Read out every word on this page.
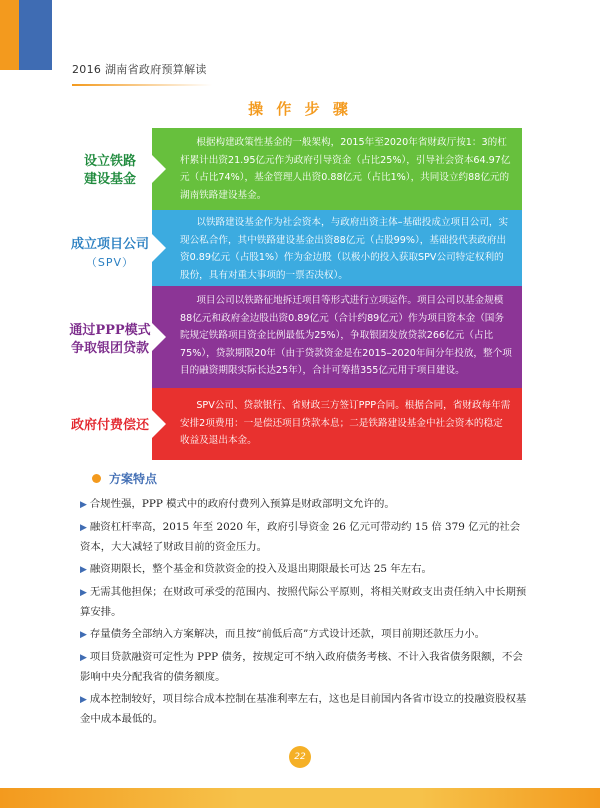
2016 湖南省政府预算解读
操 作 步 骤
设立铁路
建设基金
根据构建政策性基金的一般架构，2015年至2020年省财政厅按1：3的杠杆累计出资21.95亿元作为政府引导资金（占比25%），引导社会资本64.97亿元（占比74%），基金管理人出资0.88亿元（占比1%），共同设立约88亿元的湖南铁路建设基金。
成立项目公司
（SPV）
以铁路建设基金作为社会资本，与政府出资主体–基础投成立项目公司，实现公私合作，其中铁路建设基金出资88亿元（占股99%），基础投代表政府出资0.89亿元（占股1%）作为金边股（以极小的投入获取SPV公司特定权利的股份，具有对重大事项的一票否决权）。
通过PPP模式
争取银团贷款
项目公司以铁路征地拆迁项目等形式进行立项运作。项目公司以基金规模88亿元和政府金边股出资0.89亿元（合计约89亿元）作为项目资本金（国务院规定铁路项目资金比例最低为25%），争取银团发放贷款266亿元（占比75%），贷款期限20年（由于贷款资金是在2015–2020年间分年投放，整个项目的融资期限实际长达25年），合计可筹措355亿元用于项目建设。
政府付费偿还
SPV公司、贷款银行、省财政三方签订PPP合同。根据合同，省财政每年需安排2项费用：一是偿还项目贷款本息；二是铁路建设基金中社会资本的稳定收益及退出本金。
方案特点
▶ 合规性强，PPP 模式中的政府付费列入预算是财政部明文允许的。
▶ 融资杠杆率高，2015 年至 2020 年，政府引导资金 26 亿元可带动约 15 倍 379 亿元的社会资本，大大减轻了财政目前的资金压力。
▶ 融资期限长，整个基金和贷款资金的投入及退出期限最长可达 25 年左右。
▶ 无需其他担保；在财政可承受的范围内、按照代际公平原则，将相关财政支出责任纳入中长期预算安排。
▶ 存量债务全部纳入方案解决，而且按“前低后高”方式设计还款，项目前期还款压力小。
▶ 项目贷款融资可定性为 PPP 债务，按规定可不纳入政府债务考核、不计入我省债务限额，不会影响中央分配我省的债务额度。
▶ 成本控制较好，项目综合成本控制在基准利率左右，这也是目前国内各省市设立的投融资股权基金中成本最低的。
22
